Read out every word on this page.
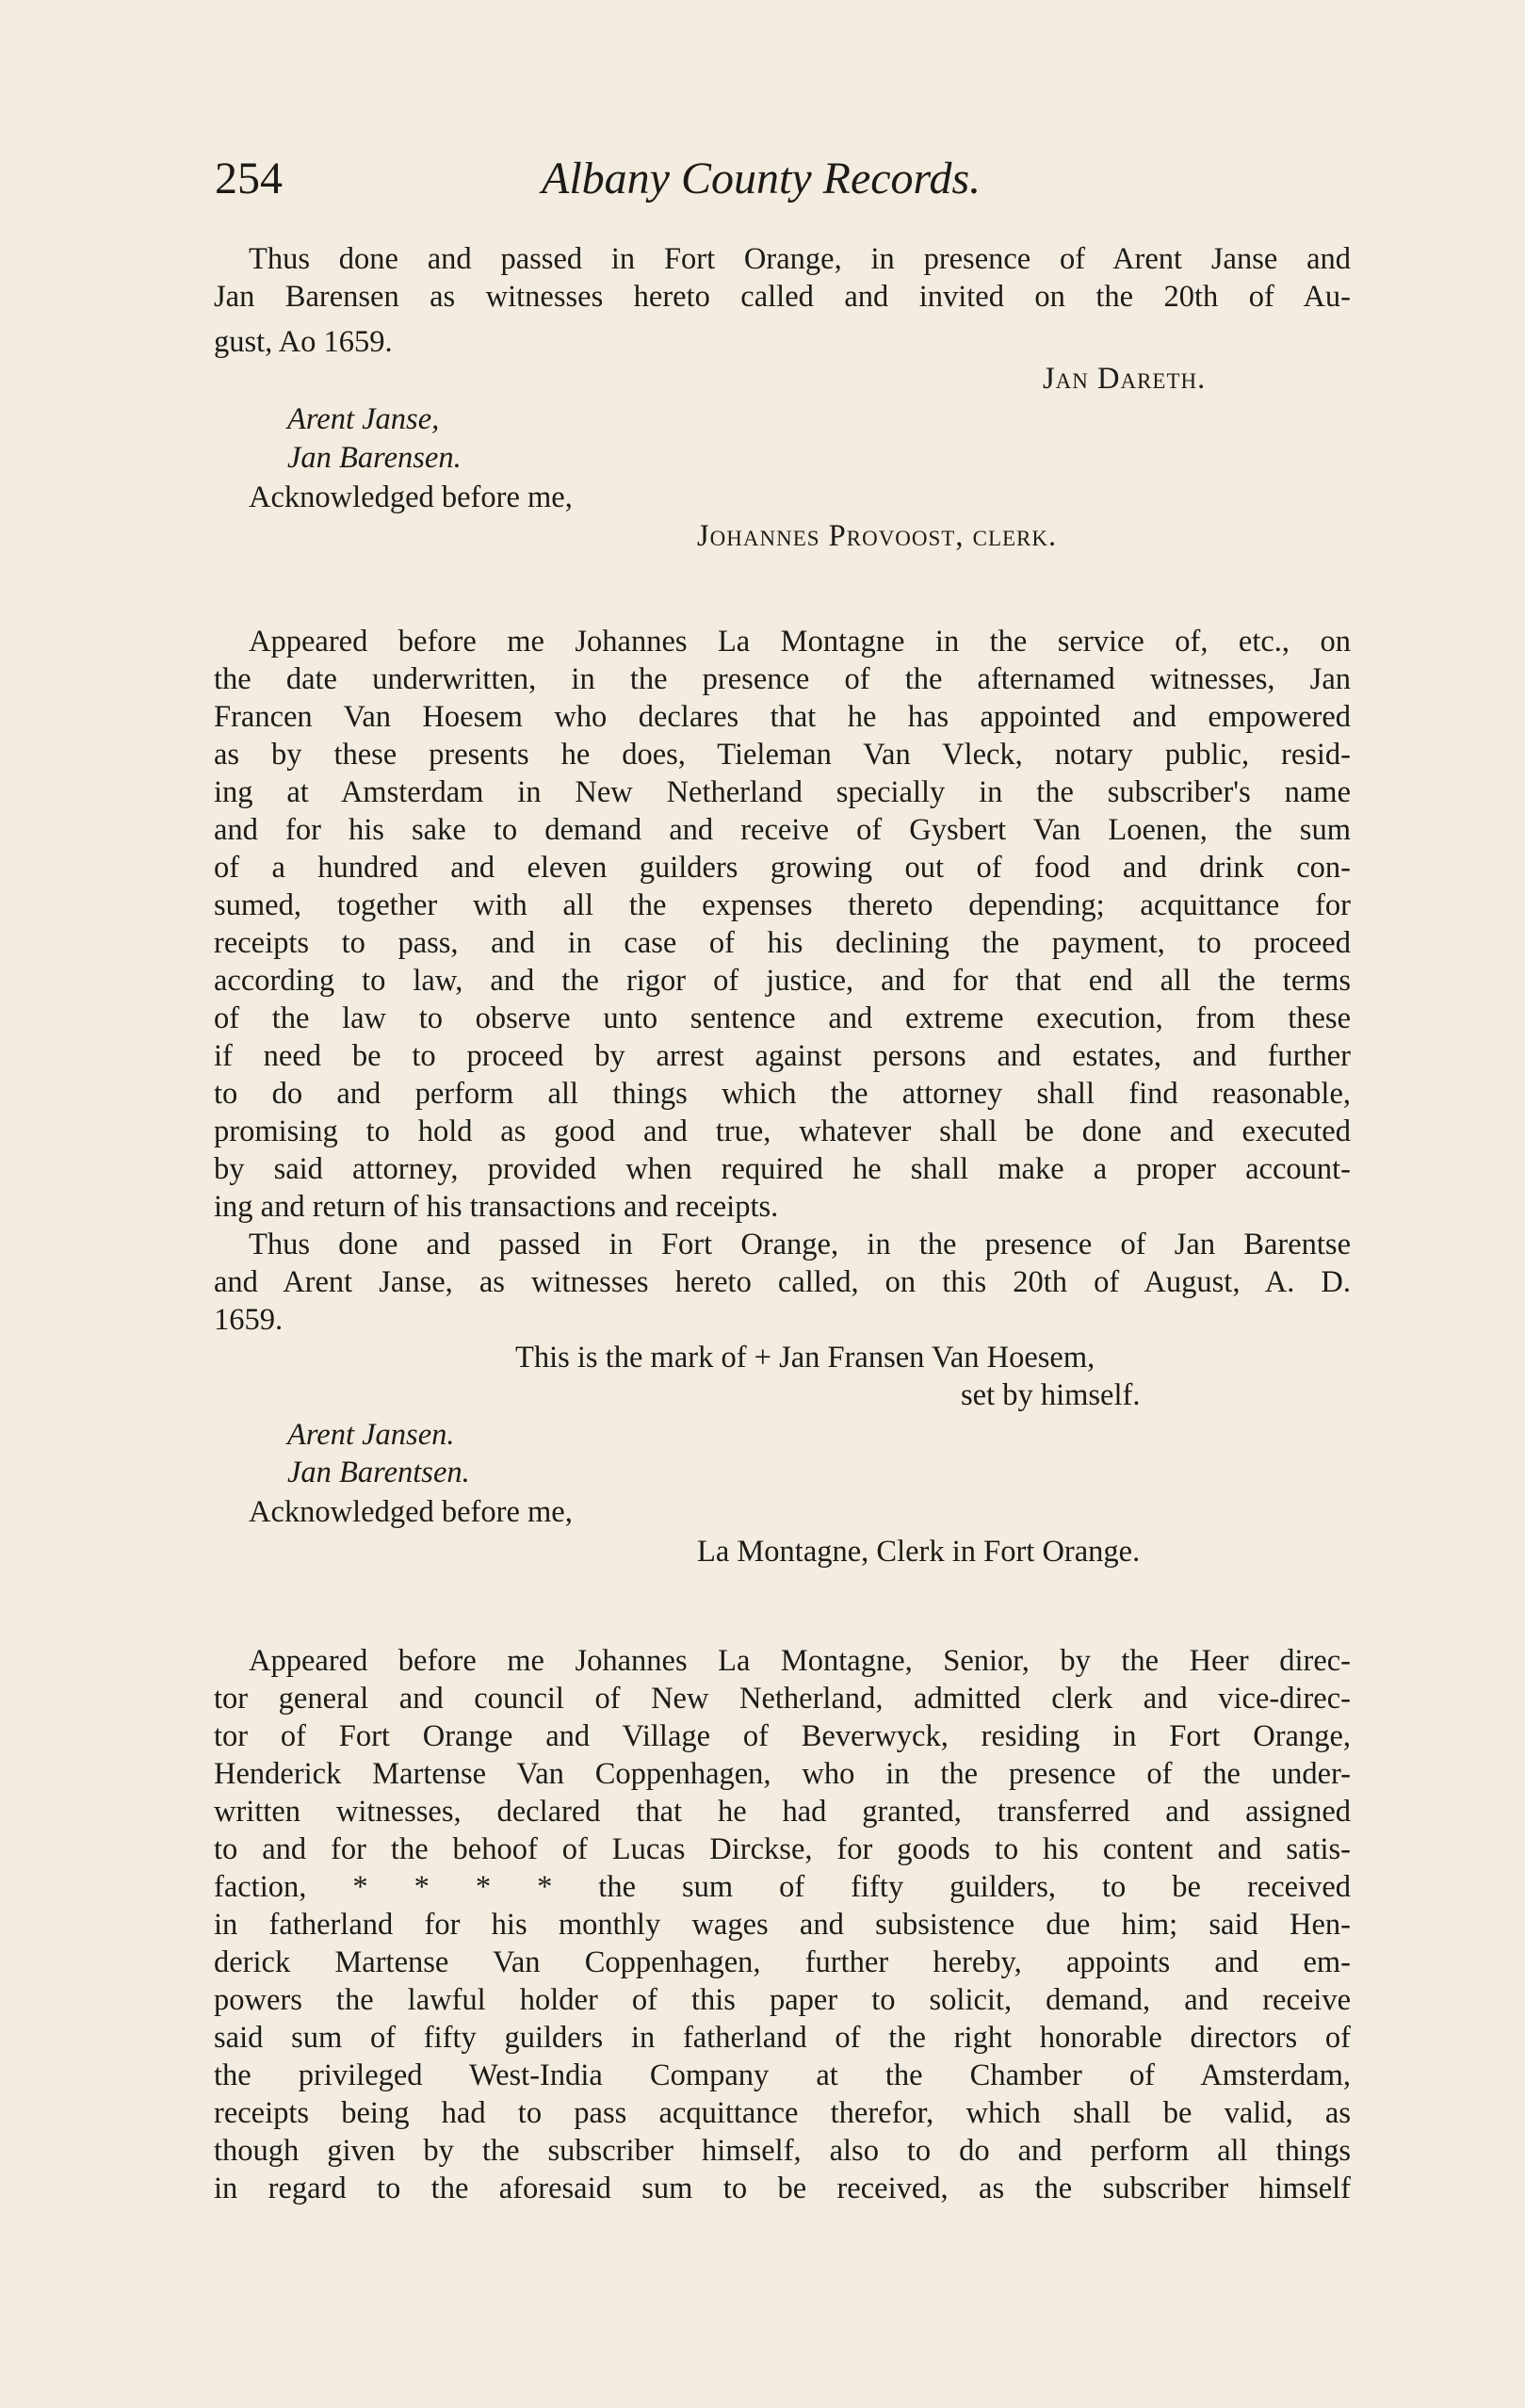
254	Albany County Records.
Thus done and passed in Fort Orange, in presence of Arent Janse and
Jan Barensen as witnesses hereto called and invited on the 20th of Au-
gust, Ao 1659.
Jan Dareth.
Arent Janse,
Jan Barensen.
Acknowledged before me,
Johannes Provoost, clerk.
Appeared before me Johannes La Montagne in the service of, etc., on
the date underwritten, in the presence of the afternamed witnesses, Jan
Francen Van Hoesem who declares that he has appointed and empowered
as by these presents he does, Tieleman Van Vleck, notary public, resid-
ing at Amsterdam in New Netherland specially in the subscriber's name
and for his sake to demand and receive of Gysbert Van Loenen, the sum
of a hundred and eleven guilders growing out of food and drink con-
sumed, together with all the expenses thereto depending; acquittance for
receipts to pass, and in case of his declining the payment, to proceed
according to law, and the rigor of justice, and for that end all the terms
of the law to observe unto sentence and extreme execution, from these
if need be to proceed by arrest against persons and estates, and further
to do and perform all things which the attorney shall find reasonable,
promising to hold as good and true, whatever shall be done and executed
by said attorney, provided when required he shall make a proper account-
ing and return of his transactions and receipts.
Thus done and passed in Fort Orange, in the presence of Jan Barentse
and Arent Janse, as witnesses hereto called, on this 20th of August, A. D.
1659.
This is the mark of + Jan Fransen Van Hoesem,
set by himself.
Arent Jansen.
Jan Barentsen.
Acknowledged before me,
La Montagne, Clerk in Fort Orange.
Appeared before me Johannes La Montagne, Senior, by the Heer direc-
tor general and council of New Netherland, admitted clerk and vice-direc-
tor of Fort Orange and Village of Beverwyck, residing in Fort Orange,
Henderick Martense Van Coppenhagen, who in the presence of the under-
written witnesses, declared that he had granted, transferred and assigned
to and for the behoof of Lucas Dirckse, for goods to his content and satis-
faction, * * * * the sum of fifty guilders, to be received
in fatherland for his monthly wages and subsistence due him; said Hen-
derick Martense Van Coppenhagen, further hereby, appoints and em-
powers the lawful holder of this paper to solicit, demand, and receive
said sum of fifty guilders in fatherland of the right honorable directors of
the privileged West-India Company at the Chamber of Amsterdam,
receipts being had to pass acquittance therefor, which shall be valid, as
though given by the subscriber himself, also to do and perform all things
in regard to the aforesaid sum to be received, as the subscriber himself
